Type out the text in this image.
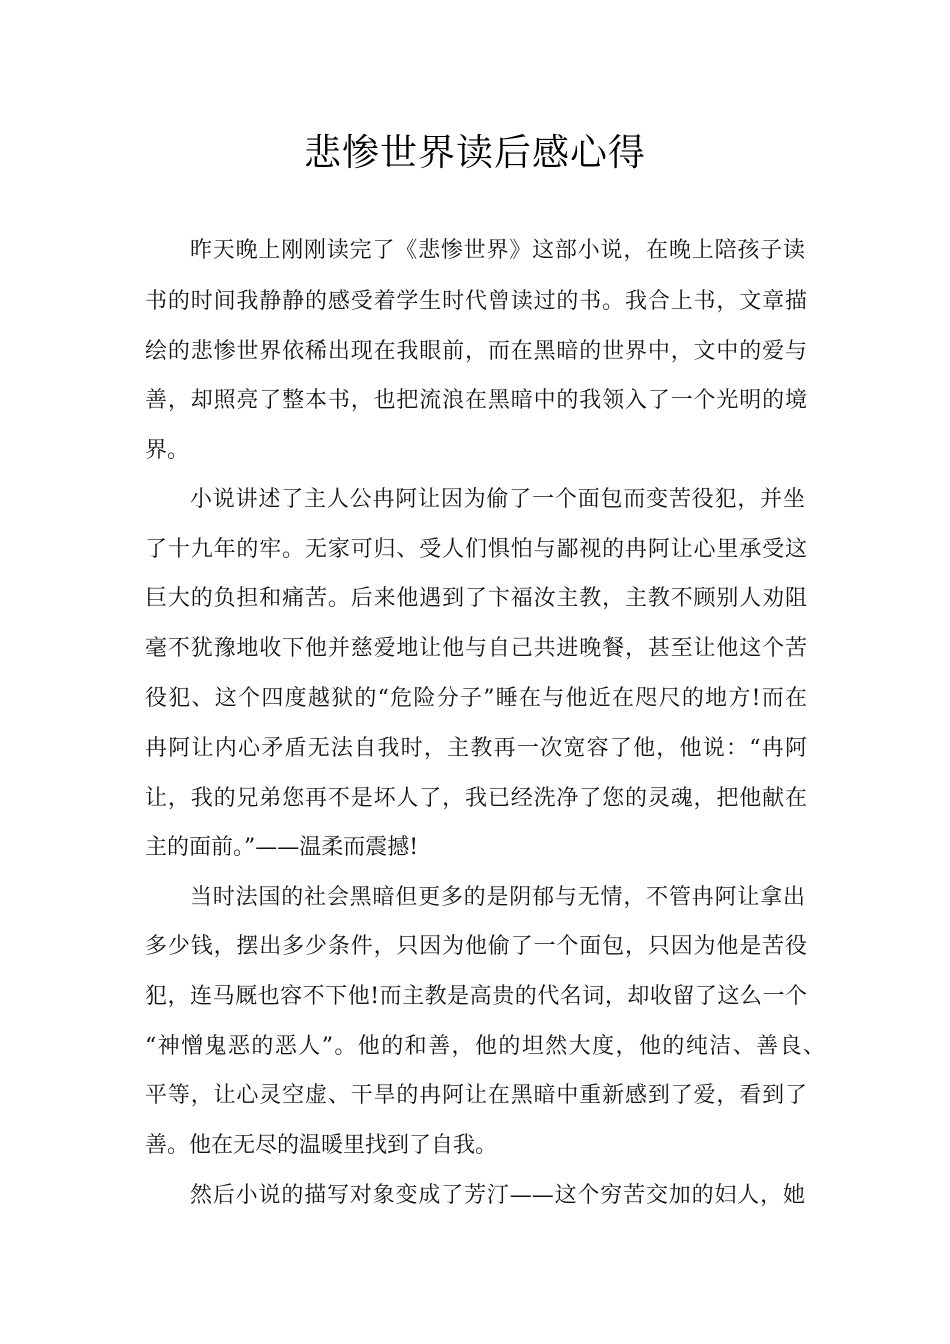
悲惨世界读后感心得

昨天晚上刚刚读完了《悲惨世界》这部小说，在晚上陪孩子读

书的时间我静静的感受着学生时代曾读过的书。我合上书，文章描

绘的悲惨世界依稀出现在我眼前，而在黑暗的世界中，文中的爱与

善，却照亮了整本书，也把流浪在黑暗中的我领入了一个光明的境

界。

小说讲述了主人公冉阿让因为偷了一个面包而变苦役犯，并坐

了十九年的牢。无家可归、受人们惧怕与鄙视的冉阿让心里承受这

巨大的负担和痛苦。后来他遇到了卞福汝主教，主教不顾别人劝阻

毫不犹豫地收下他并慈爱地让他与自己共进晚餐，甚至让他这个苦

役犯、这个四度越狱的“危险分子”睡在与他近在咫尺的地方!而在

冉阿让内心矛盾无法自我时，主教再一次宽容了他，他说：“冉阿

让，我的兄弟您再不是坏人了，我已经洗净了您的灵魂，把他献在

主的面前。”——温柔而震撼!

当时法国的社会黑暗但更多的是阴郁与无情，不管冉阿让拿出

多少钱，摆出多少条件，只因为他偷了一个面包，只因为他是苦役

犯，连马厩也容不下他!而主教是高贵的代名词，却收留了这么一个

“神憎鬼恶的恶人”。他的和善，他的坦然大度，他的纯洁、善良、

平等，让心灵空虚、干旱的冉阿让在黑暗中重新感到了爱，看到了

善。他在无尽的温暖里找到了自我。

然后小说的描写对象变成了芳汀——这个穷苦交加的妇人，她
